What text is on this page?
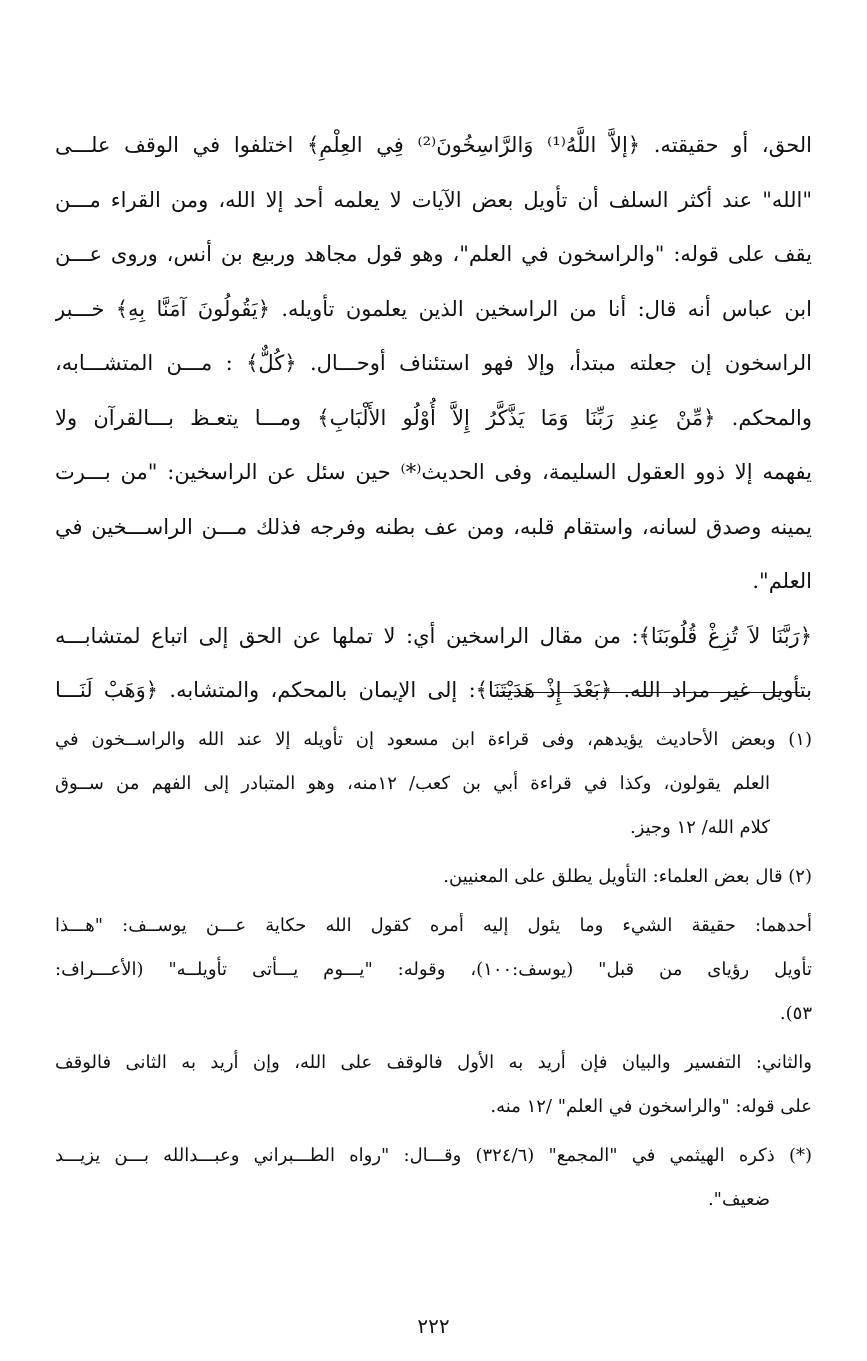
الحق، أو حقيقته. ﴿إلاَّ اللَّهُ⁽¹⁾ وَالرَّاسِخُونَ⁽²⁾ فِي العِلْمِ﴾ اختلفوا في الوقف علـــى
"الله" عند أكثر السلف أن تأويل بعض الآيات لا يعلمه أحد إلا الله، ومن القراء مـــن
يقف على قوله: "والراسخون في العلم"، وهو قول مجاهد وربيع بن أنس، وروى عـــن
ابن عباس أنه قال: أنا من الراسخين الذين يعلمون تأويله. ﴿يَقُولُونَ آمَنَّا بِهِ﴾ خـــبر
الراسخون إن جعلته مبتدأ، وإلا فهو استئناف أوحـــال. ﴿كُلٌّ﴾ : مـــن المتشـــابه،
والمحكم. ﴿مِّنْ عِندِ رَبِّنَا وَمَا يَذَّكَّرُ إِلاَّ أُوْلُو الأَلْبَابِ﴾ ومـــا يتعـظ بـــالقرآن ولا
يفهمه إلا ذوو العقول السليمة، وفى الحديث⁽*⁾ حين سئل عن الراسخين: "من بـــرت
يمينه وصدق لسانه، واستقام قلبه، ومن عف بطنه وفرجه فذلك مـــن الراســـخين في
العلم".
﴿رَبَّنَا لاَ تُزِغْ قُلُوبَنَا﴾: من مقال الراسخين أي: لا تملها عن الحق إلى اتباع لمتشابـــه
بتأويل غير مراد الله. ﴿بَعْدَ إِذْ هَدَيْتَنَا﴾: إلى الإيمان بالمحكم، والمتشابه. ﴿وَهَبْ لَنَـــا
(١) وبعض الأحاديث يؤيدهم، وفى قراءة ابن مسعود إن تأويله إلا عند الله والراســخون في
العلم يقولون، وكذا في قراءة أبي بن كعب/ ١٢منه، وهو المتبادر إلى الفهم من ســوق
كلام الله/ ١٢ وجيز.
(٢) قال بعض العلماء: التأويل يطلق على المعنيين.
أحدهما: حقيقة الشيء وما يئول إليه أمره كقول الله حكاية عـــن يوســف: "هـــذا
تأويل رؤياى من قبل" (يوسف:١٠٠)، وقوله: "يـــوم يـــأتى تأويلــه" (الأعـــراف:
٥٣).
والثاني: التفسير والبيان فإن أريد به الأول فالوقف على الله، وإن أريد به الثانى فالوقف
على قوله: "والراسخون في العلم" /١٢ منه.
(*) ذكره الهيثمي في "المجمع" (٣٢٤/٦) وقـــال: "رواه الطـــبراني وعبـــدالله بـــن يزيـــد
ضعيف".
٢٢٢
